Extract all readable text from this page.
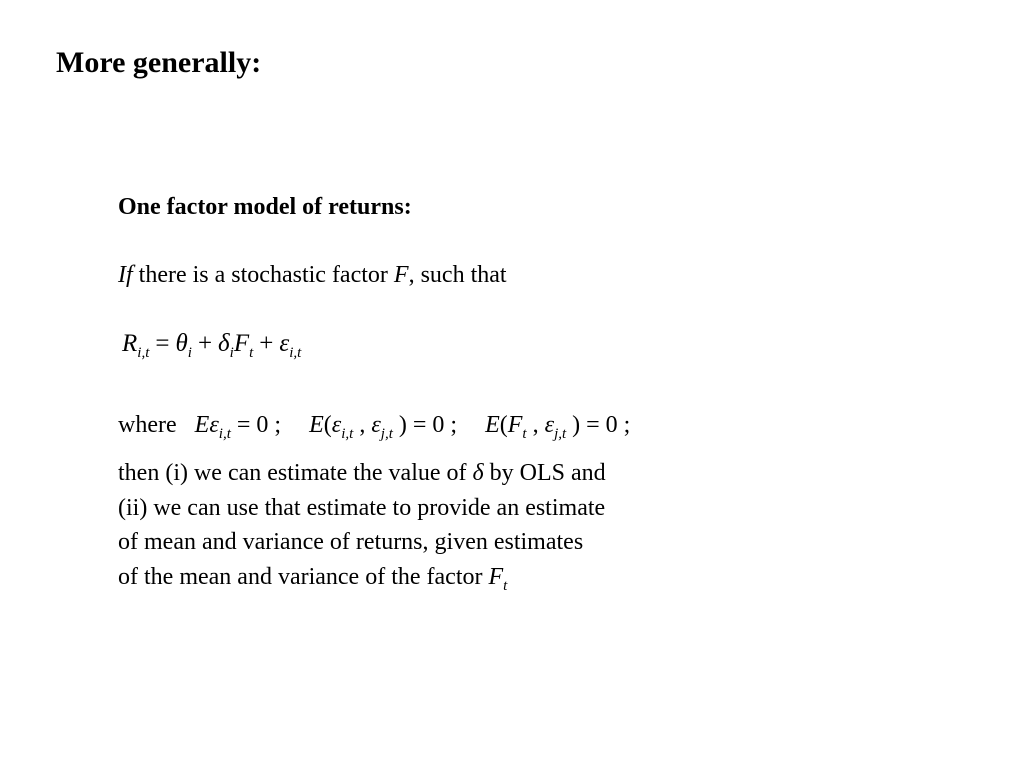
More generally:
One factor model of returns:
If there is a stochastic factor F, such that
$R_{i,t} = \theta_i + \delta_iF_t + \varepsilon_{i,t}$
where $E\varepsilon_{i,t} = 0$ ; $E(\varepsilon_{i,t}$ , $\varepsilon_{j,t}$ ) = 0 ; $E(F_t$ , $\varepsilon_{j,t}$ ) = 0 ;
then (i) we can estimate the value of δ by OLS and
(ii) we can use that estimate to provide an estimate
of mean and variance of returns, given estimates
of the mean and variance of the factor $F_t$
